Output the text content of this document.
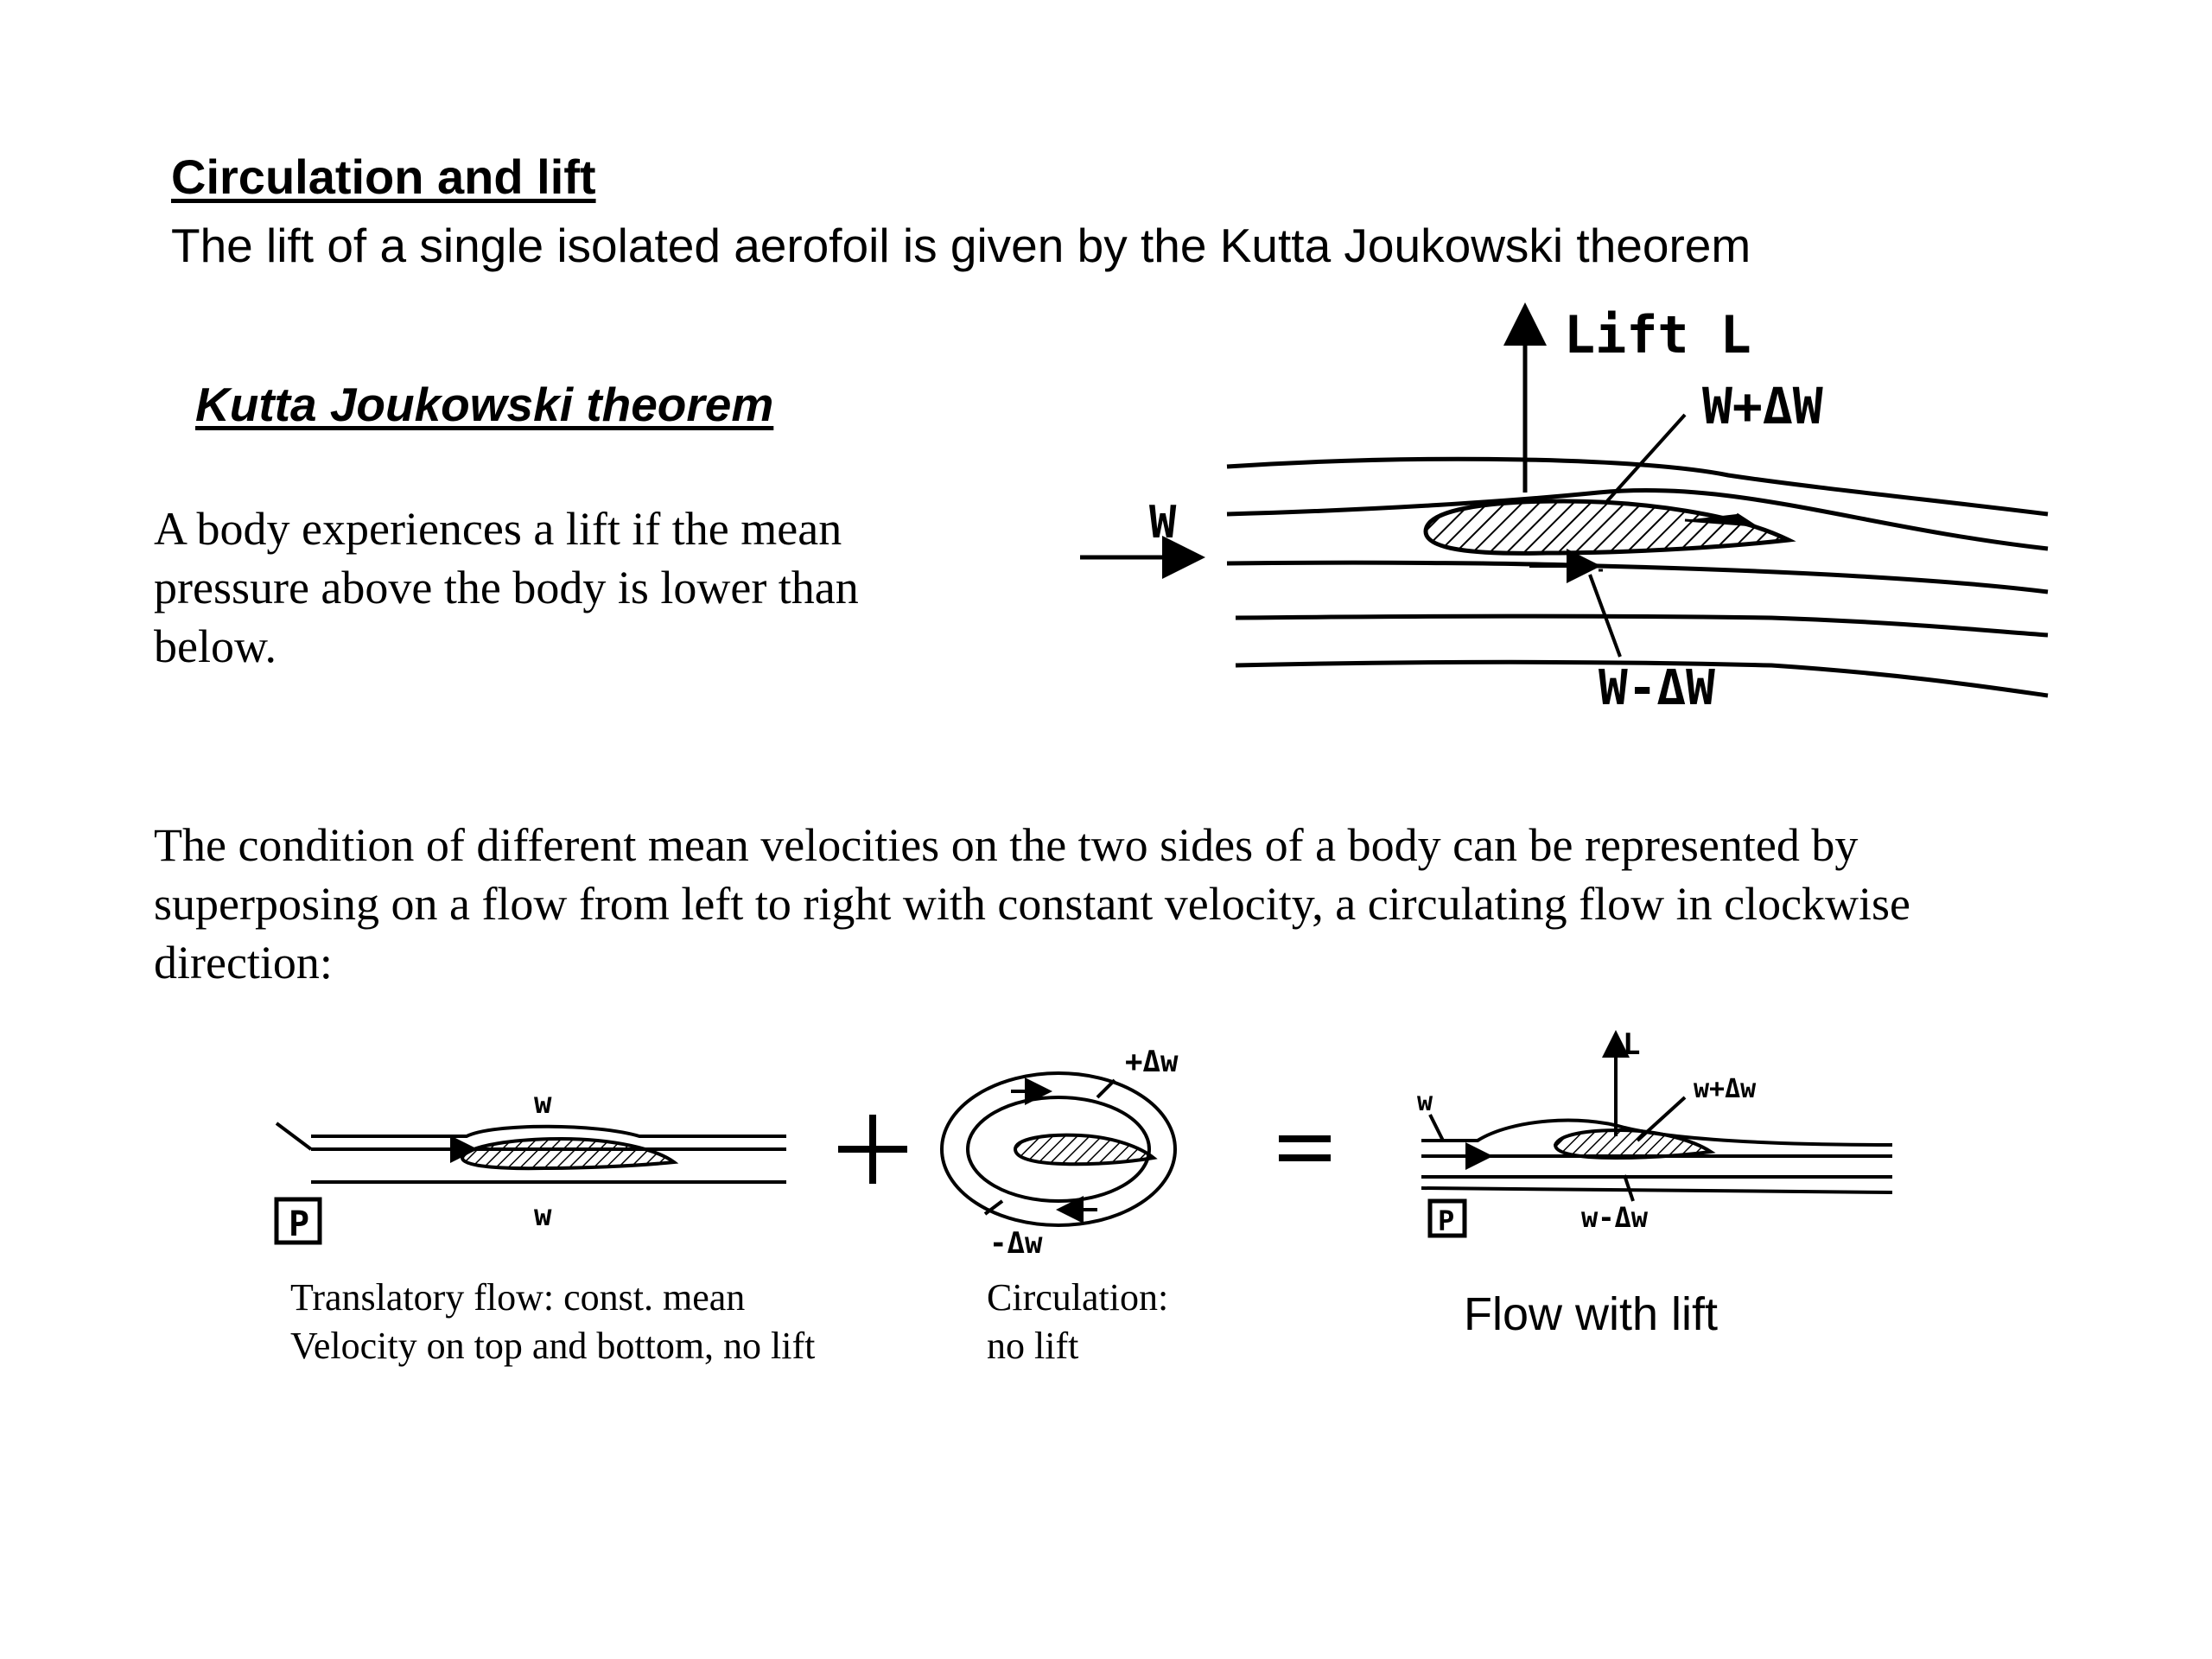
Circulation and lift
The lift of a single isolated aerofoil is given by the Kutta Joukowski theorem
Kutta Joukowski theorem
A body experiences a lift if the mean pressure above the body is lower than below.
The condition of different mean velocities on the two sides of a body can be represented by superposing on a flow from left to right with constant velocity, a circulating flow in clockwise direction:
Lift L
W
W+ΔW
W-ΔW
P
w
w
+Δw
-Δw
P
L
w	w+Δw
w-Δw
Translatory flow: const. mean
Velocity on top and bottom, no lift
Circulation:
no lift
Flow with lift
